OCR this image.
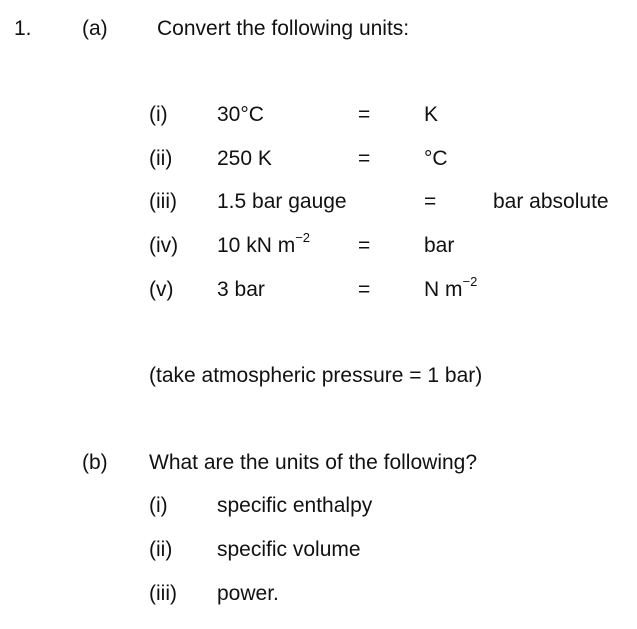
1. (a) Convert the following units:
(i) 30°C	=	K
(ii) 250 K	=	°C
(iii) 1.5 bar gauge	=	bar absolute
(iv) 10 kN $m^{-2}$ =	bar
(v) 3 bar	=	N $m^{-2}$
(take atmospheric pressure = 1 bar)
(b) What are the units of the following?
(i) specific enthalpy
(ii) specific volume
(iii) power.
